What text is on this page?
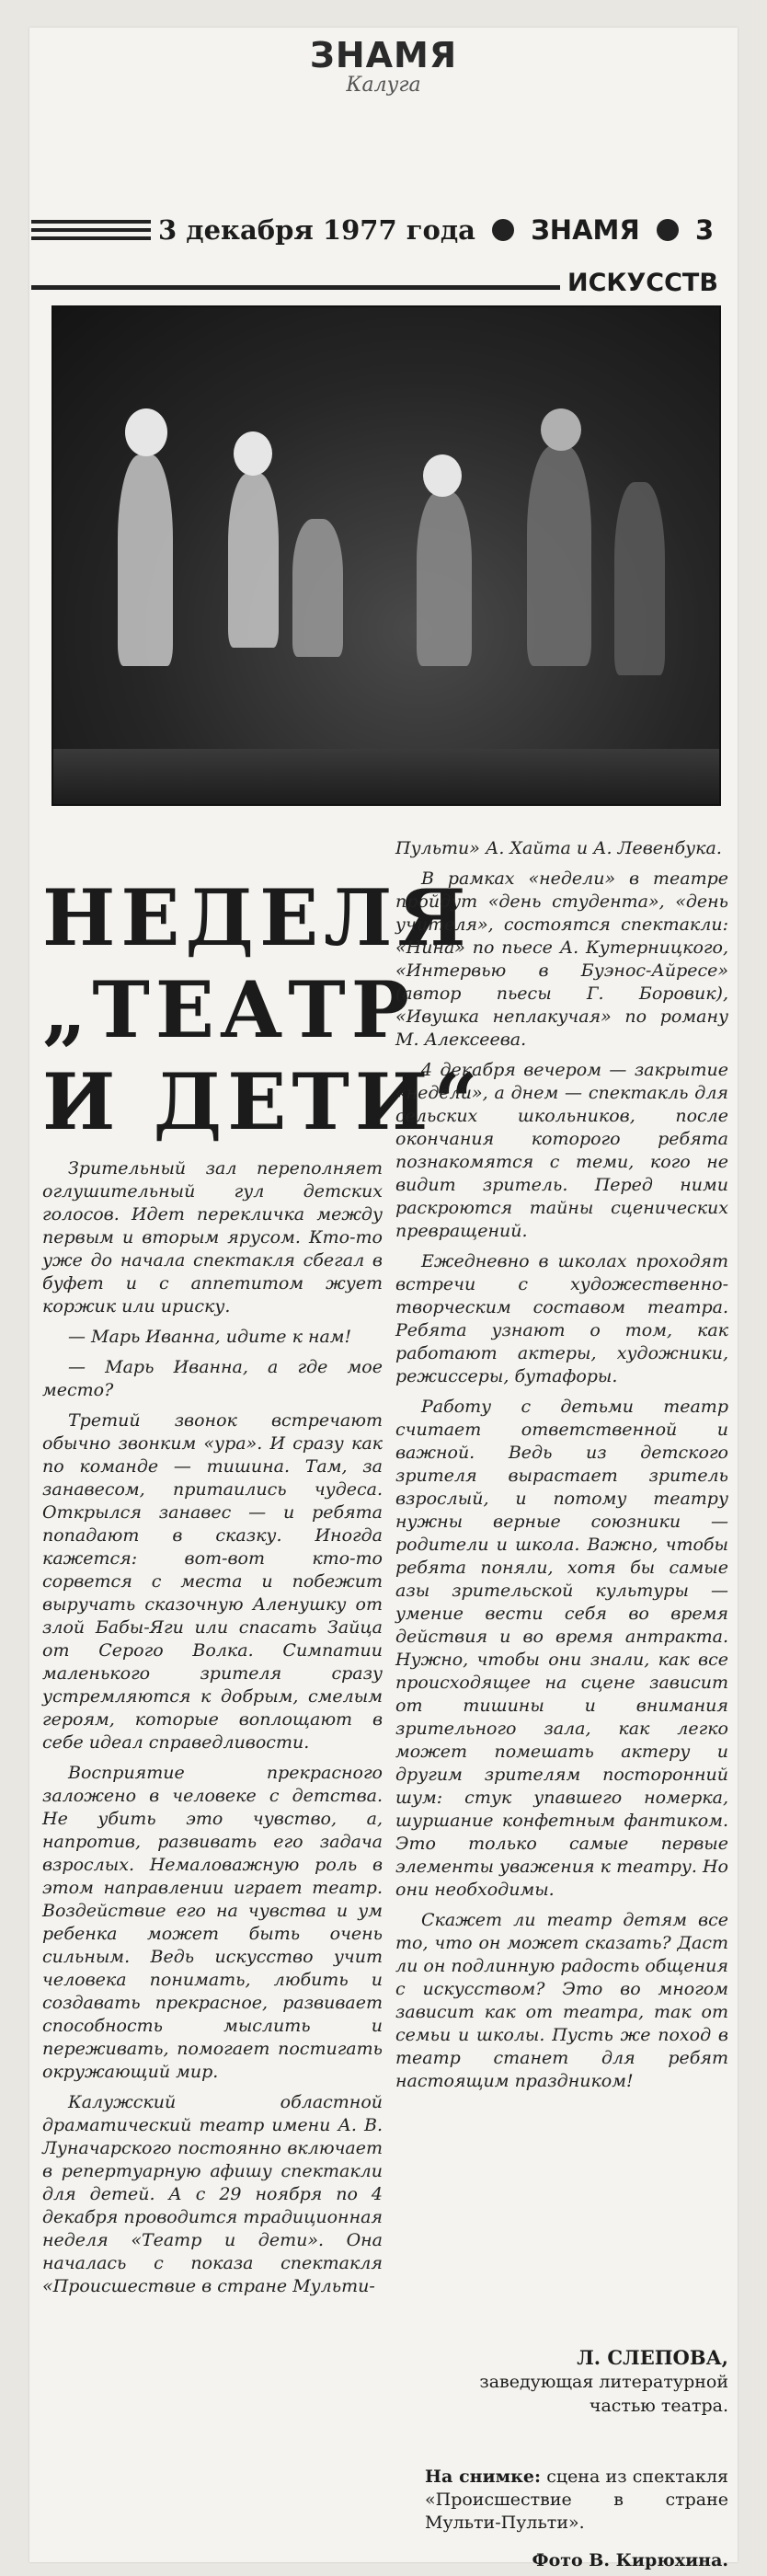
ЗНАМЯ
Калуга
3 декабря 1977 года ЗНАМЯ 3
ИСКУССТВ
НЕДЕЛЯ
„ТЕАТР
И ДЕТИ“

Зрительный зал переполняет оглушительный гул детских голосов. Идет перекличка между первым и вторым ярусом. Кто-то уже до начала спектакля сбегал в буфет и с аппетитом жует коржик или ириску.

— Марь Иванна, идите к нам!

— Марь Иванна, а где мое место?

Третий звонок встречают обычно звонким «ура». И сразу как по команде — тишина. Там, за занавесом, притаились чудеса. Открылся занавес — и ребята попадают в сказку. Иногда кажется: вот-вот кто-то сорвется с места и побежит выручать сказочную Аленушку от злой Бабы-Яги или спасать Зайца от Серого Волка. Симпатии маленького зрителя сразу устремляются к добрым, смелым героям, которые воплощают в себе идеал справедливости.

Восприятие прекрасного заложено в человеке с детства. Не убить это чувство, а, напротив, развивать его задача взрослых. Немаловажную роль в этом направлении играет театр. Воздействие его на чувства и ум ребенка может быть очень сильным. Ведь искусство учит человека понимать, любить и создавать прекрасное, развивает способность мыслить и переживать, помогает постигать окружающий мир.

Калужский областной драматический театр имени А. В. Луначарского постоянно включает в репертуарную афишу спектакли для детей. А с 29 ноября по 4 декабря проводится традиционная неделя «Театр и дети». Она началась с показа спектакля «Происшествие в стране Мульти-

Пульти» А. Хайта и А. Левенбука.

В рамках «недели» в театре пройдут «день студента», «день учителя», состоятся спектакли: «Нина» по пьесе А. Кутерницкого, «Интервью в Буэнос-Айресе» (автор пьесы Г. Боровик), «Ивушка неплакучая» по роману М. Алексеева.

4 декабря вечером — закрытие «недели», а днем — спектакль для сельских школьников, после окончания которого ребята познакомятся с теми, кого не видит зритель. Перед ними раскроются тайны сценических превращений.

Ежедневно в школах проходят встречи с художественно-творческим составом театра. Ребята узнают о том, как работают актеры, художники, режиссеры, бутафоры.

Работу с детьми театр считает ответственной и важной. Ведь из детского зрителя вырастает зритель взрослый, и потому театру нужны верные союзники — родители и школа. Важно, чтобы ребята поняли, хотя бы самые азы зрительской культуры — умение вести себя во время действия и во время антракта. Нужно, чтобы они знали, как все происходящее на сцене зависит от тишины и внимания зрительного зала, как легко может помешать актеру и другим зрителям посторонний шум: стук упавшего номерка, шуршание конфетным фантиком. Это только самые первые элементы уважения к театру. Но они необходимы.

Скажет ли театр детям все то, что он может сказать? Даст ли он подлинную радость общения с искусством? Это во многом зависит как от театра, так от семьи и школы. Пусть же поход в театр станет для ребят настоящим праздником!

Л. СЛЕПОВА,
заведующая литературной частью театра.
На снимке: сцена из спектакля «Происшествие в стране Мульти-Пульти».
Фото В. Кирюхина.
